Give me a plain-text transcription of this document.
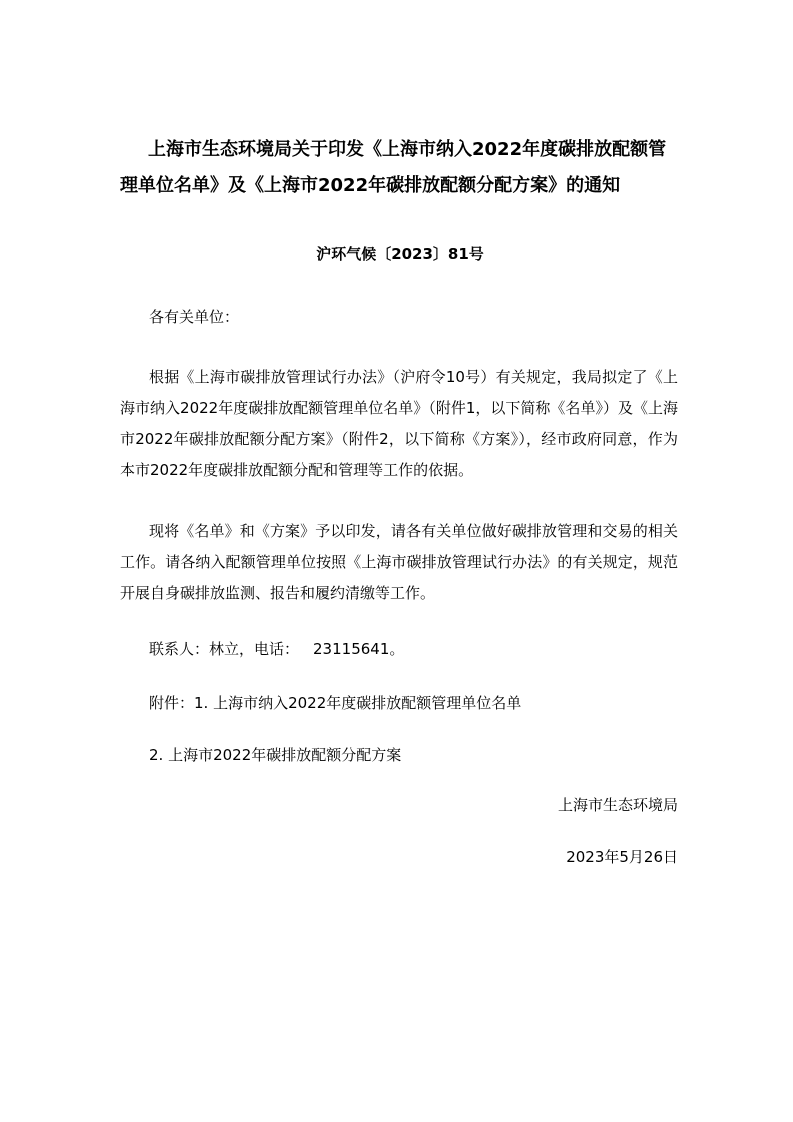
上海市生态环境局关于印发《上海市纳入2022年度碳排放配额管理单位名单》及《上海市2022年碳排放配额分配方案》的通知

沪环气候〔2023〕81号

各有关单位：

根据《上海市碳排放管理试行办法》（沪府令10号）有关规定，我局拟定了《上海市纳入2022年度碳排放配额管理单位名单》（附件1，以下简称《名单》）及《上海市2022年碳排放配额分配方案》（附件2，以下简称《方案》），经市政府同意，作为本市2022年度碳排放配额分配和管理等工作的依据。

现将《名单》和《方案》予以印发，请各有关单位做好碳排放管理和交易的相关工作。请各纳入配额管理单位按照《上海市碳排放管理试行办法》的有关规定，规范开展自身碳排放监测、报告和履约清缴等工作。

联系人：林立，电话： 23115641。

附件：1. 上海市纳入2022年度碳排放配额管理单位名单

2. 上海市2022年碳排放配额分配方案

上海市生态环境局

2023年5月26日
